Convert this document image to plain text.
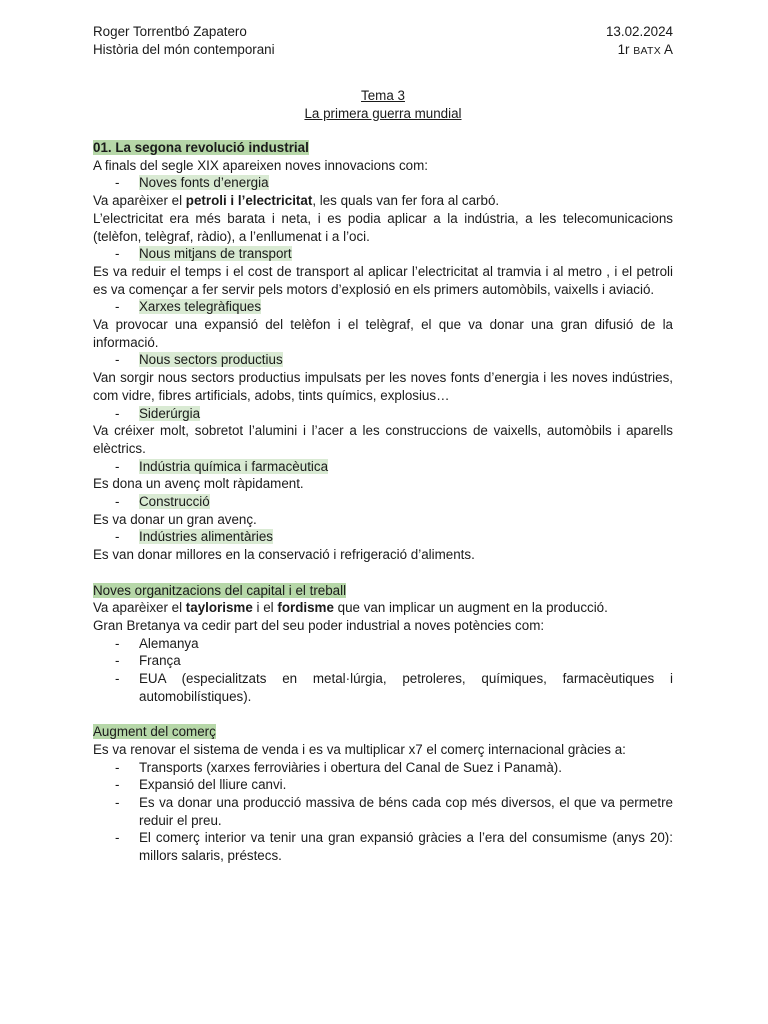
Roger Torrentbó Zapatero	13.02.2024
Història del món contemporani	1r BATX A
Tema 3
La primera guerra mundial
01. La segona revolució industrial

A finals del segle XIX apareixen noves innovacions com:

-	Noves fonts d’energia

Va aparèixer el petroli i l’electricitat, les quals van fer fora al carbó.

L’electricitat era més barata i neta, i es podia aplicar a la indústria, a les telecomunicacions (telèfon, telègraf, ràdio), a l’enllumenat i a l’oci.

-	Nous mitjans de transport

Es va reduir el temps i el cost de transport al aplicar l’electricitat al tramvia i al metro , i el petroli es va començar a fer servir pels motors d’explosió en els primers automòbils, vaixells i aviació.

-	Xarxes telegràfiques

Va provocar una expansió del telèfon i el telègraf, el que va donar una gran difusió de la informació.

-	Nous sectors productius

Van sorgir nous sectors productius impulsats per les noves fonts d’energia i les noves indústries, com vidre, fibres artificials, adobs, tints químics, explosius…

-	Siderúrgia

Va créixer molt, sobretot l’alumini i l’acer a les construccions de vaixells, automòbils i aparells elèctrics.

-	Indústria química i farmacèutica

Es dona un avenç molt ràpidament.

-	Construcció

Es va donar un gran avenç.

-	Indústries alimentàries

Es van donar millores en la conservació i refrigeració d’aliments.

Noves organitzacions del capital i el treball

Va aparèixer el taylorisme i el fordisme que van implicar un augment en la producció.

Gran Bretanya va cedir part del seu poder industrial a noves potències com:

-	Alemanya
-	França
-	EUA (especialitzats en metal·lúrgia, petroleres, químiques, farmacèutiques i automobilístiques).
Augment del comerç

Es va renovar el sistema de venda i es va multiplicar x7 el comerç internacional gràcies a:

-	Transports (xarxes ferroviàries i obertura del Canal de Suez i Panamà).
-	Expansió del lliure canvi.
-	Es va donar una producció massiva de béns cada cop més diversos, el que va permetre reduir el preu.
-	El comerç interior va tenir una gran expansió gràcies a l’era del consumisme (anys 20): millors salaris, préstecs.
